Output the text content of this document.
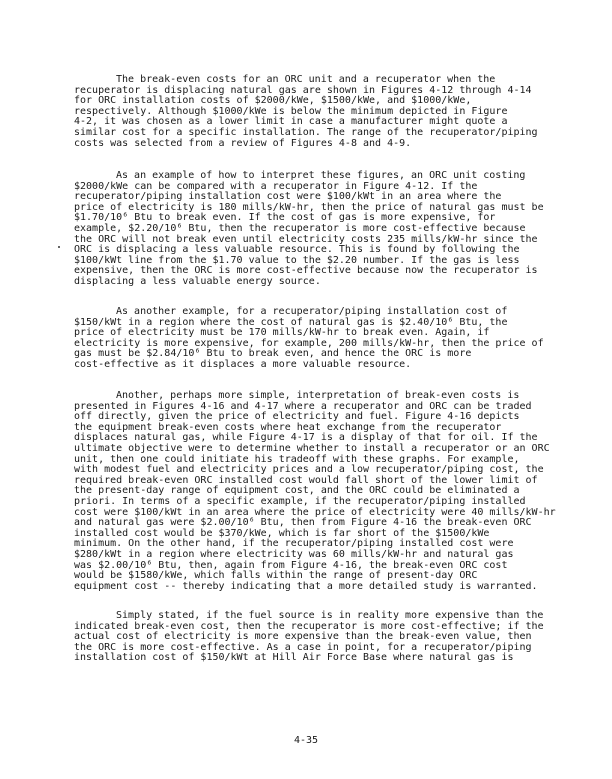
The break-even costs for an ORC unit and a recuperator when the
recuperator is displacing natural gas are shown in Figures 4-12 through 4-14
for ORC installation costs of $2000/kWe, $1500/kWe, and $1000/kWe,
respectively. Although $1000/kWe is below the minimum depicted in Figure
4-2, it was chosen as a lower limit in case a manufacturer might quote a
similar cost for a specific installation. The range of the recuperator/piping
costs was selected from a review of Figures 4-8 and 4-9.
As an example of how to interpret these figures, an ORC unit costing
$2000/kWe can be compared with a recuperator in Figure 4-12. If the
recuperator/piping installation cost were $100/kWt in an area where the
price of electricity is 180 mills/kW-hr, then the price of natural gas must be
$1.70/10⁶ Btu to break even. If the cost of gas is more expensive, for
example, $2.20/10⁶ Btu, then the recuperator is more cost-effective because
the ORC will not break even until electricity costs 235 mills/kW-hr since the
ORC is displacing a less valuable resource. This is found by following the
$100/kWt line from the $1.70 value to the $2.20 number. If the gas is less
expensive, then the ORC is more cost-effective because now the recuperator is
displacing a less valuable energy source.
As another example, for a recuperator/piping installation cost of
$150/kWt in a region where the cost of natural gas is $2.40/10⁶ Btu, the
price of electricity must be 170 mills/kW-hr to break even. Again, if
electricity is more expensive, for example, 200 mills/kW-hr, then the price of
gas must be $2.84/10⁶ Btu to break even, and hence the ORC is more
cost-effective as it displaces a more valuable resource.
Another, perhaps more simple, interpretation of break-even costs is
presented in Figures 4-16 and 4-17 where a recuperator and ORC can be traded
off directly, given the price of electricity and fuel. Figure 4-16 depicts
the equipment break-even costs where heat exchange from the recuperator
displaces natural gas, while Figure 4-17 is a display of that for oil. If the
ultimate objective were to determine whether to install a recuperator or an ORC
unit, then one could initiate his tradeoff with these graphs. For example,
with modest fuel and electricity prices and a low recuperator/piping cost, the
required break-even ORC installed cost would fall short of the lower limit of
the present-day range of equipment cost, and the ORC could be eliminated a
priori. In terms of a specific example, if the recuperator/piping installed
cost were $100/kWt in an area where the price of electricity were 40 mills/kW-hr
and natural gas were $2.00/10⁶ Btu, then from Figure 4-16 the break-even ORC
installed cost would be $370/kWe, which is far short of the $1500/kWe
minimum. On the other hand, if the recuperator/piping installed cost were
$280/kWt in a region where electricity was 60 mills/kW-hr and natural gas
was $2.00/10⁶ Btu, then, again from Figure 4-16, the break-even ORC cost
would be $1580/kWe, which falls within the range of present-day ORC
equipment cost -- thereby indicating that a more detailed study is warranted.
Simply stated, if the fuel source is in reality more expensive than the
indicated break-even cost, then the recuperator is more cost-effective; if the
actual cost of electricity is more expensive than the break-even value, then
the ORC is more cost-effective. As a case in point, for a recuperator/piping
installation cost of $150/kWt at Hill Air Force Base where natural gas is
4-35
